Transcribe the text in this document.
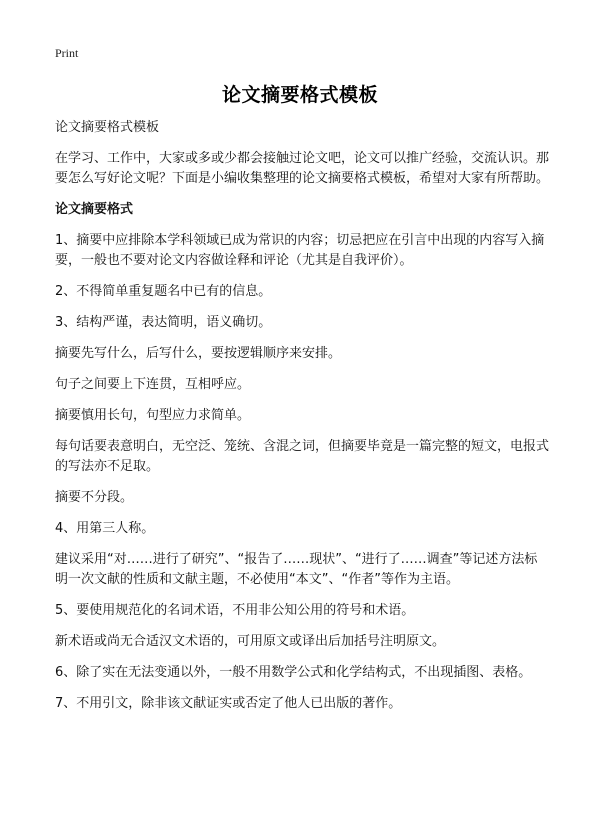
Print
论文摘要格式模板

论文摘要格式模板

在学习、工作中，大家或多或少都会接触过论文吧，论文可以推广经验，交流认识。那要怎么写好论文呢？下面是小编收集整理的论文摘要格式模板，希望对大家有所帮助。

论文摘要格式

1、摘要中应排除本学科领域已成为常识的内容；切忌把应在引言中出现的内容写入摘要，一般也不要对论文内容做诠释和评论（尤其是自我评价）。

2、不得简单重复题名中已有的信息。

3、结构严谨，表达简明，语义确切。

摘要先写什么，后写什么，要按逻辑顺序来安排。

句子之间要上下连贯，互相呼应。

摘要慎用长句，句型应力求简单。

每句话要表意明白，无空泛、笼统、含混之词，但摘要毕竟是一篇完整的短文，电报式的写法亦不足取。

摘要不分段。

4、用第三人称。

建议采用“对……进行了研究”、“报告了……现状”、“进行了……调查”等记述方法标明一次文献的性质和文献主题，不必使用“本文”、“作者”等作为主语。

5、要使用规范化的名词术语，不用非公知公用的符号和术语。

新术语或尚无合适汉文术语的，可用原文或译出后加括号注明原文。

6、除了实在无法变通以外，一般不用数学公式和化学结构式，不出现插图、表格。

7、不用引文，除非该文献证实或否定了他人已出版的著作。
